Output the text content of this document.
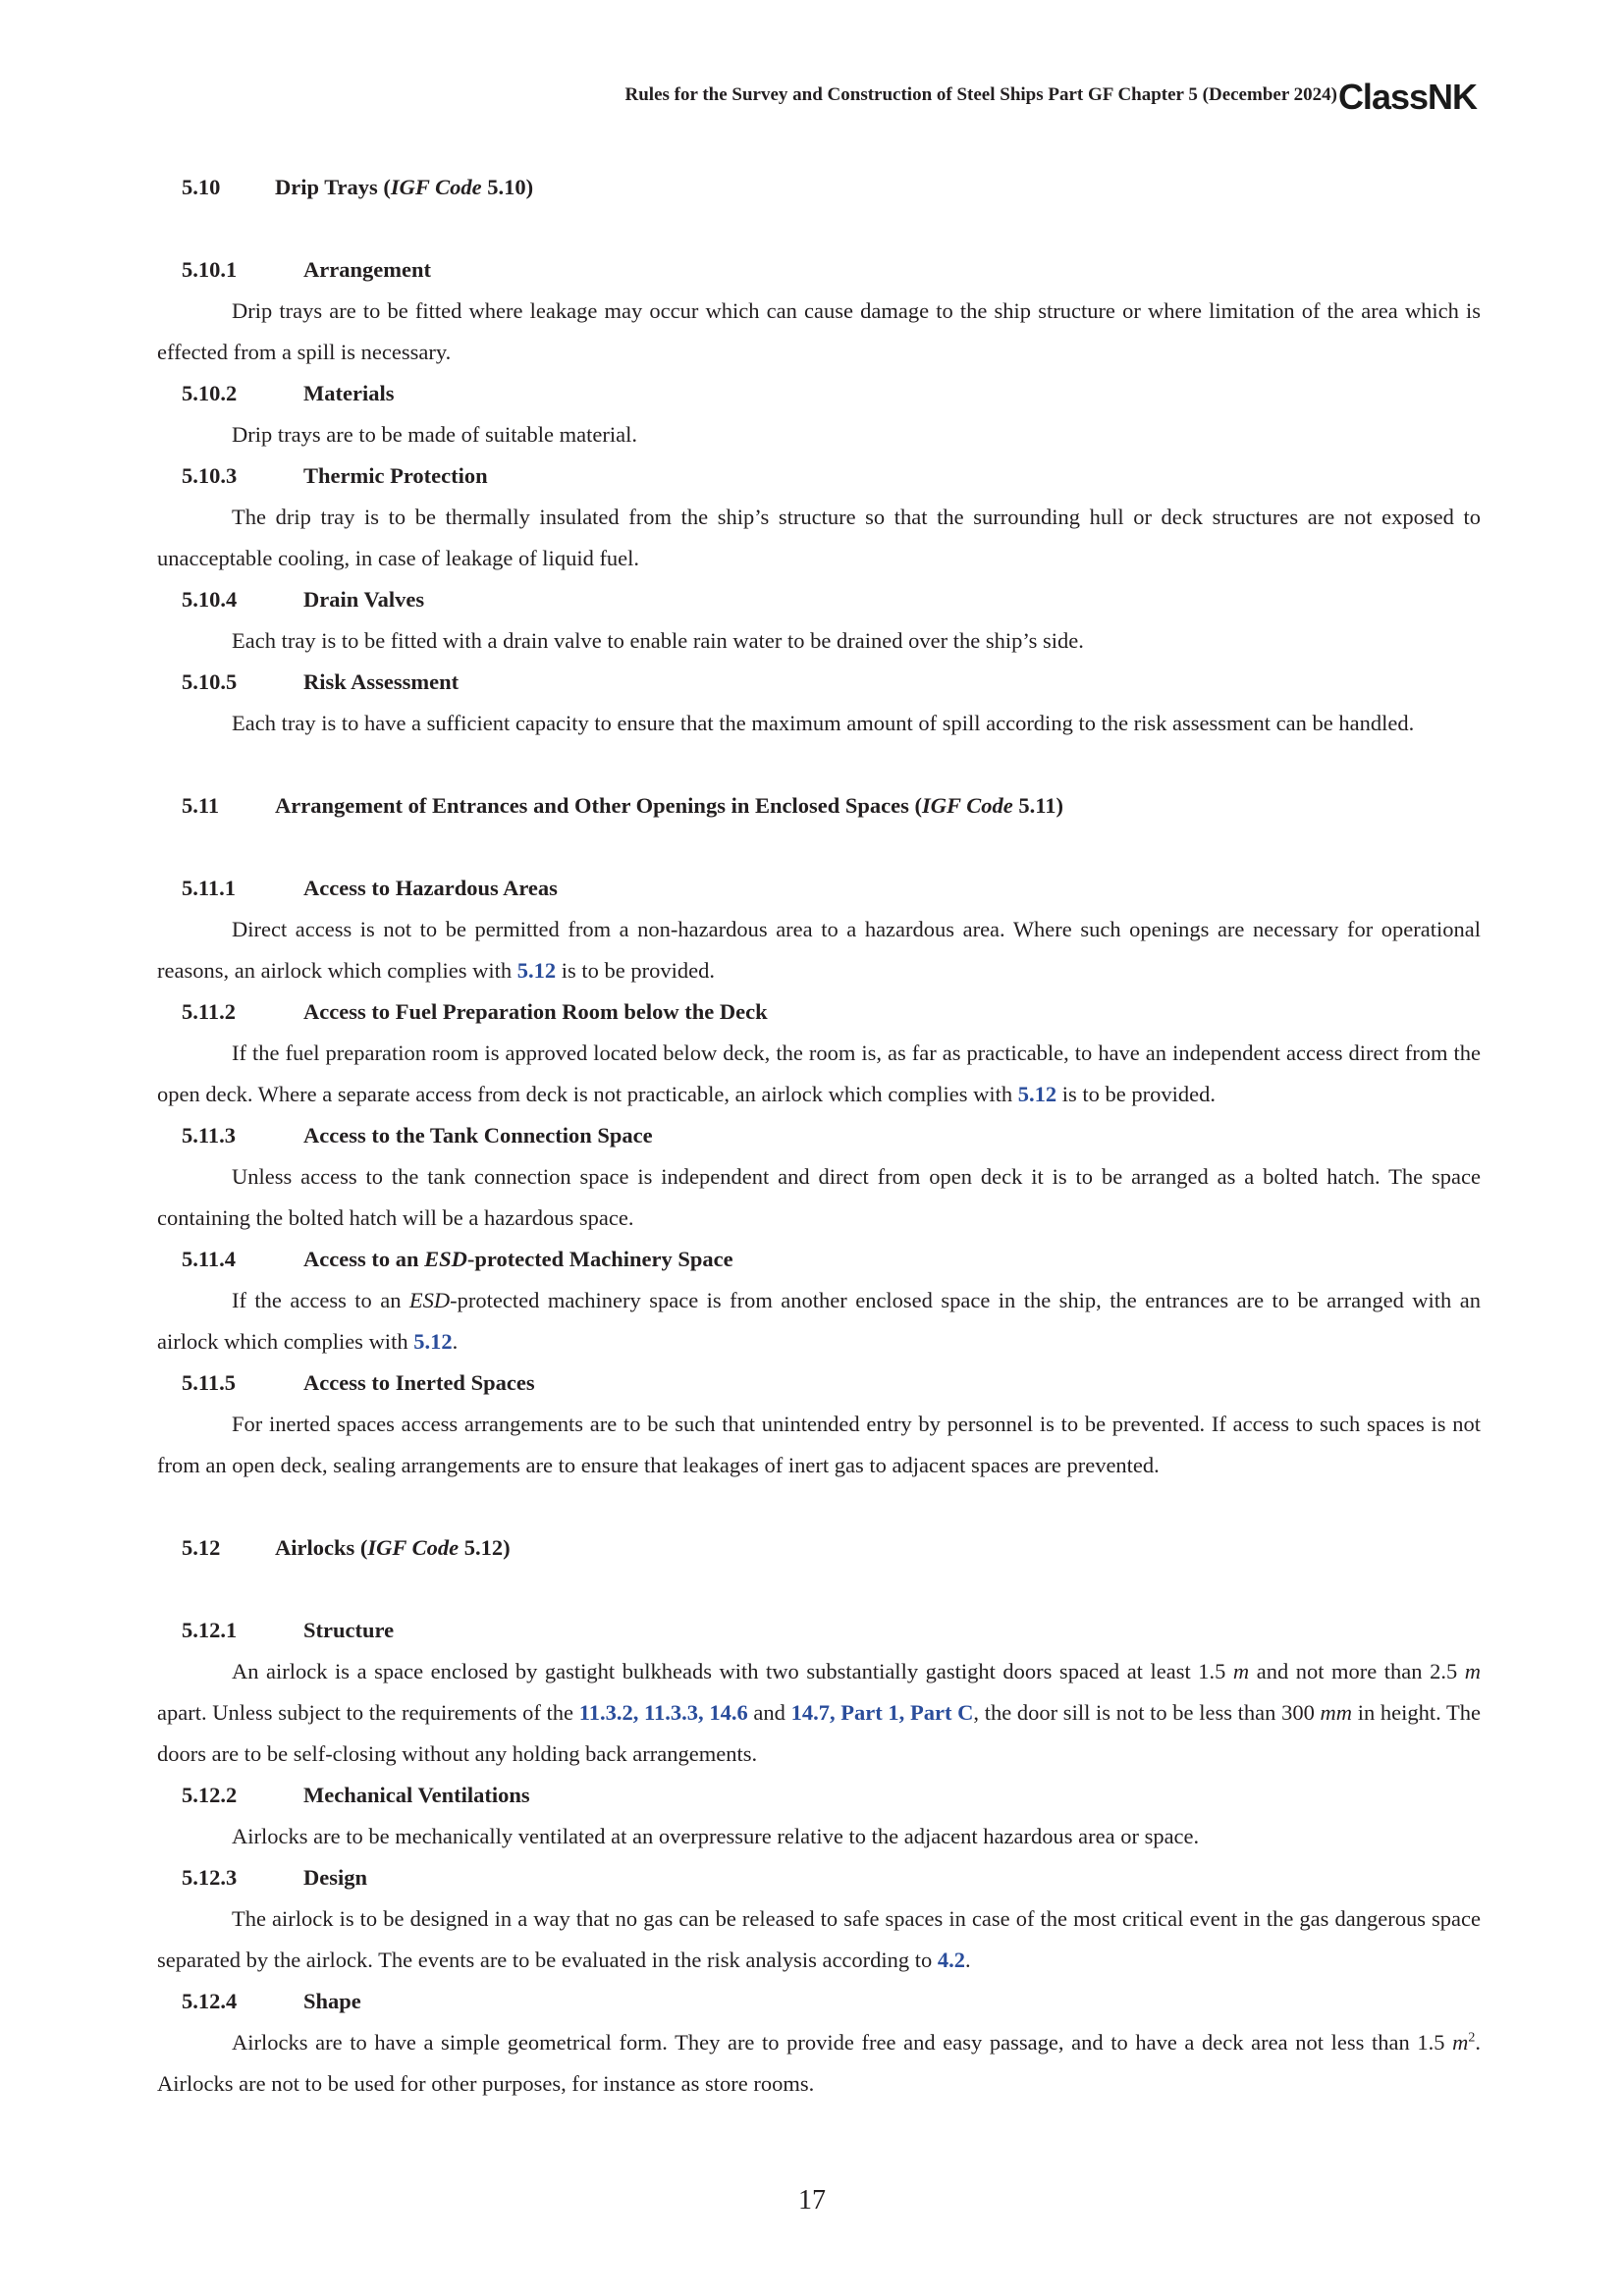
Rules for the Survey and Construction of Steel Ships Part GF Chapter 5 (December 2024) ClassNK
5.10 Drip Trays (IGF Code 5.10)
5.10.1	Arrangement

Drip trays are to be fitted where leakage may occur which can cause damage to the ship structure or where limitation of the area which is effected from a spill is necessary.

5.10.2	Materials

Drip trays are to be made of suitable material.

5.10.3	Thermic Protection

The drip tray is to be thermally insulated from the ship’s structure so that the surrounding hull or deck structures are not exposed to unacceptable cooling, in case of leakage of liquid fuel.

5.10.4	Drain Valves

Each tray is to be fitted with a drain valve to enable rain water to be drained over the ship’s side.

5.10.5	Risk Assessment

Each tray is to have a sufficient capacity to ensure that the maximum amount of spill according to the risk assessment can be handled.

5.11	Arrangement of Entrances and Other Openings in Enclosed Spaces (IGF Code 5.11)
5.11.1	Access to Hazardous Areas

Direct access is not to be permitted from a non-hazardous area to a hazardous area. Where such openings are necessary for operational reasons, an airlock which complies with 5.12 is to be provided.

5.11.2	Access to Fuel Preparation Room below the Deck

If the fuel preparation room is approved located below deck, the room is, as far as practicable, to have an independent access direct from the open deck. Where a separate access from deck is not practicable, an airlock which complies with 5.12 is to be provided.

5.11.3	Access to the Tank Connection Space

Unless access to the tank connection space is independent and direct from open deck it is to be arranged as a bolted hatch. The space containing the bolted hatch will be a hazardous space.

5.11.4	Access to an ESD-protected Machinery Space

If the access to an ESD-protected machinery space is from another enclosed space in the ship, the entrances are to be arranged with an airlock which complies with 5.12.

5.11.5	Access to Inerted Spaces

For inerted spaces access arrangements are to be such that unintended entry by personnel is to be prevented. If access to such spaces is not from an open deck, sealing arrangements are to ensure that leakages of inert gas to adjacent spaces are prevented.

5.12 Airlocks (IGF Code 5.12)
5.12.1	Structure

An airlock is a space enclosed by gastight bulkheads with two substantially gastight doors spaced at least 1.5 m and not more than 2.5 m apart. Unless subject to the requirements of the 11.3.2, 11.3.3, 14.6 and 14.7, Part 1, Part C, the door sill is not to be less than 300 mm in height. The doors are to be self-closing without any holding back arrangements.

5.12.2	Mechanical Ventilations

Airlocks are to be mechanically ventilated at an overpressure relative to the adjacent hazardous area or space.

5.12.3	Design

The airlock is to be designed in a way that no gas can be released to safe spaces in case of the most critical event in the gas dangerous space separated by the airlock. The events are to be evaluated in the risk analysis according to 4.2.

5.12.4	Shape

Airlocks are to have a simple geometrical form. They are to provide free and easy passage, and to have a deck area not less than 1.5 $m^2$. Airlocks are not to be used for other purposes, for instance as store rooms.

17
